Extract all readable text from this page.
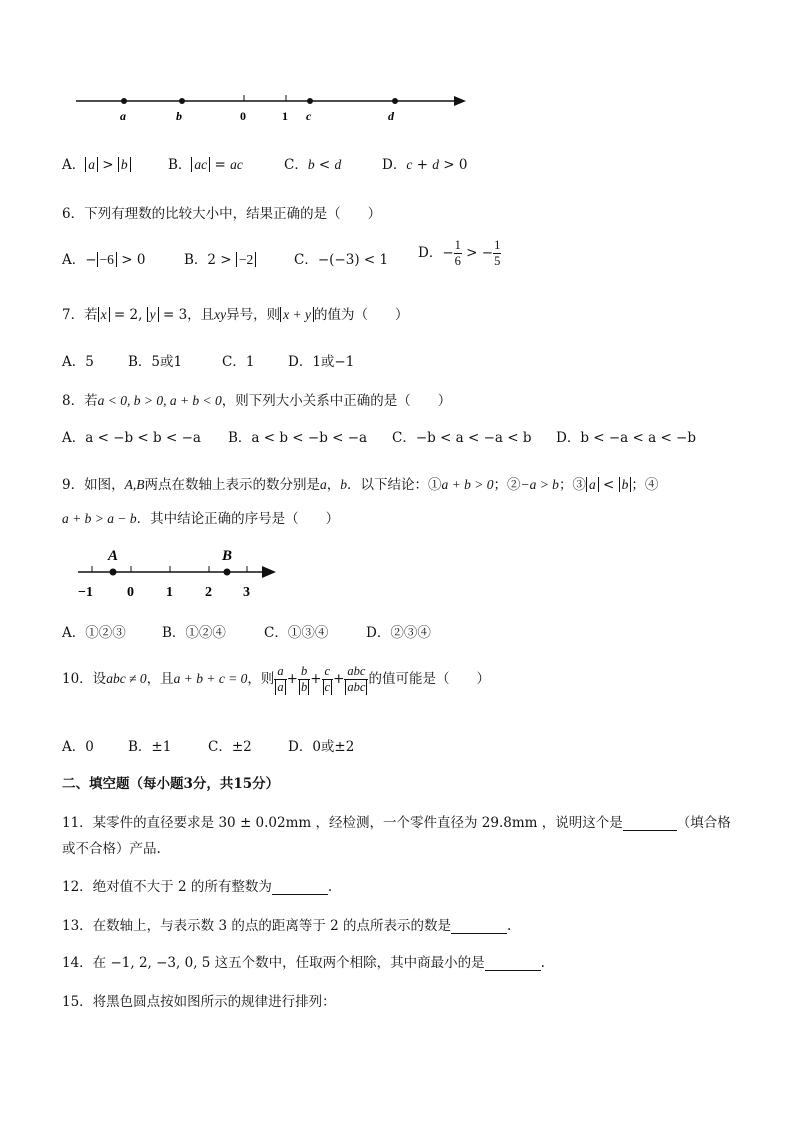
a	b	0	1 c	d
A． a > b	B． ac = ac	C．b < d	D．c + d > 0
6．下列有理数的比较大小中，结果正确的是（　　）
A．− −6 > 0	B．2 > −2	C．−(−3) < 1 D．− $\frac{1}{6}$ > − $\frac{1}{5}$
7．若 x = 2, y = 3，且xy异号，则 x + y 的值为（　　）
A．5	B．5或1	C．1 D．1或−1
8．若a < 0, b > 0, a + b < 0，则下列大小关系中正确的是（　　）
A．a < −b < b < −a B．a < b < −b < −a C．−b < a < −a < b D．b < −a < a < −b
9．如图，A,B两点在数轴上表示的数分别是a，b．以下结论：①a + b > 0；②−a > b；③ a < b ；④
a + b > a − b．其中结论正确的序号是（　　）
A	B
−1 0 1 2 3
A．①②③	B．①②④	C．①③④	D．②③④
10．设abc ≠ 0，且a + b + c = 0，则 $\frac{a}{a} + \frac{b}{b} + \frac{c}{c} + \frac{\text{abc}}{\text{abc}}$ 的值可能是（　　）
A．0	B．±1	C．±2	D．0或±2
二、填空题（每小题3分，共15分）
11．某零件的直径要求是 30 ± 0.02mm ，经检测，一个零件直径为 29.8mm ，说明这个是	（填合格
或不合格）产品.
12．绝对值不大于 2 的所有整数为	.
13．在数轴上，与表示数 3 的点的距离等于 2 的点所表示的数是	.
14．在 −1, 2, −3, 0, 5 这五个数中，任取两个相除，其中商最小的是	.
15．将黑色圆点按如图所示的规律进行排列：
